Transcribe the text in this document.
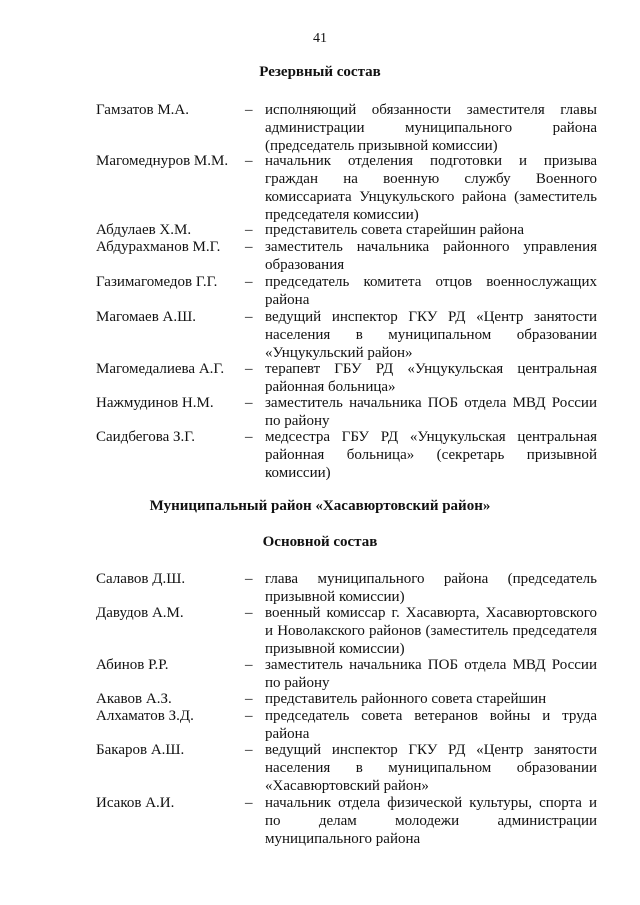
41
Резервный состав
Гамзатов М.А.	– исполняющий обязанности заместителя главы администрации муниципального района (председатель призывной комиссии)
Магомеднуров М.М. – начальник отделения подготовки и призыва граждан на военную службу Военного комиссариата Унцукульского района (заместитель председателя комиссии)
Абдулаев Х.М.	– представитель совета старейшин района
Абдурахманов М.Г. – заместитель начальника районного управления образования
Газимагомедов Г.Г. – председатель комитета отцов военнослужащих района
Магомаев А.Ш.	– ведущий инспектор ГКУ РД «Центр занятости населения в муниципальном образовании «Унцукульский район»
Магомедалиева А.Г. – терапевт ГБУ РД «Унцукульская центральная районная больница»
Нажмудинов Н.М. – заместитель начальника ПОБ отдела МВД России по району
Саидбегова З.Г.	– медсестра ГБУ РД «Унцукульская центральная районная больница» (секретарь призывной комиссии)
Муниципальный район «Хасавюртовский район»
Основной состав
Салавов Д.Ш.	– глава муниципального района (председатель призывной комиссии)
Давудов А.М.	– военный комиссар г. Хасавюрта, Хасавюртовского и Новолакского районов (заместитель председателя призывной комиссии)
Абинов Р.Р.	– заместитель начальника ПОБ отдела МВД России по району
Акавов А.З.	– представитель районного совета старейшин
Алхаматов З.Д.	– председатель совета ветеранов войны и труда района
Бакаров А.Ш.	– ведущий инспектор ГКУ РД «Центр занятости населения в муниципальном образовании «Хасавюртовский район»
Исаков А.И.	– начальник отдела физической культуры, спорта и по делам молодежи администрации муниципального района
